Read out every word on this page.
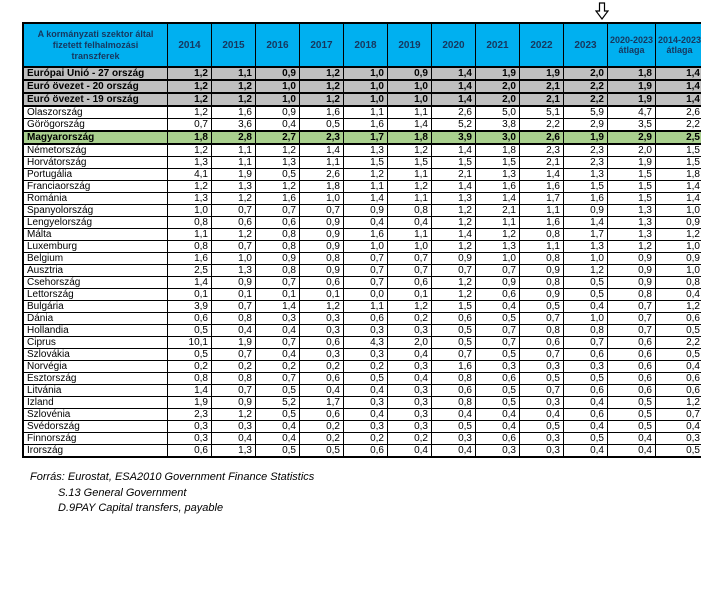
A kormányzati szektor által fizetett felhalmozási transzferek	2014	2015	2016	2017	2018	2019	2020	2021	2022	2023	2020-2023 átlaga	2014-2023 átlaga
Európai Unió - 27 ország	1,2	1,1	0,9	1,2	1,0	0,9	1,4	1,9	1,9	2,0	1,8	1,4
Euró övezet - 20 ország	1,2	1,2	1,0	1,2	1,0	1,0	1,4	2,0	2,1	2,2	1,9	1,4
Euró övezet - 19 ország	1,2	1,2	1,0	1,2	1,0	1,0	1,4	2,0	2,1	2,2	1,9	1,4
Olaszország	1,2	1,6	0,9	1,6	1,1	1,1	2,6	5,0	5,1	5,9	4,7	2,6
Görögország	0,7	3,6	0,4	0,5	1,6	1,4	5,2	3,8	2,2	2,9	3,5	2,2
Magyarország	1,8	2,8	2,7	2,3	1,7	1,8	3,9	3,0	2,6	1,9	2,9	2,5
Németország	1,2	1,1	1,2	1,4	1,3	1,2	1,4	1,8	2,3	2,3	2,0	1,5
Horvátország	1,3	1,1	1,3	1,1	1,5	1,5	1,5	1,5	2,1	2,3	1,9	1,5
Portugália	4,1	1,9	0,5	2,6	1,2	1,1	2,1	1,3	1,4	1,3	1,5	1,8
Franciaország	1,2	1,3	1,2	1,8	1,1	1,2	1,4	1,6	1,6	1,5	1,5	1,4
Románia	1,3	1,2	1,6	1,0	1,4	1,1	1,3	1,4	1,7	1,6	1,5	1,4
Spanyolország	1,0	0,7	0,7	0,7	0,9	0,8	1,2	2,1	1,1	0,9	1,3	1,0
Lengyelország	0,8	0,6	0,6	0,9	0,4	0,4	1,2	1,1	1,6	1,4	1,3	0,9
Málta	1,1	1,2	0,8	0,9	1,6	1,1	1,4	1,2	0,8	1,7	1,3	1,2
Luxemburg	0,8	0,7	0,8	0,9	1,0	1,0	1,2	1,3	1,1	1,3	1,2	1,0
Belgium	1,6	1,0	0,9	0,8	0,7	0,7	0,9	1,0	0,8	1,0	0,9	0,9
Ausztria	2,5	1,3	0,8	0,9	0,7	0,7	0,7	0,7	0,9	1,2	0,9	1,0
Csehország	1,4	0,9	0,7	0,6	0,7	0,6	1,2	0,9	0,8	0,5	0,9	0,8
Lettország	0,1	0,1	0,1	0,1	0,0	0,1	1,2	0,6	0,9	0,5	0,8	0,4
Bulgária	3,9	0,7	1,4	1,2	1,1	1,2	1,5	0,4	0,5	0,4	0,7	1,2
Dánia	0,6	0,8	0,3	0,3	0,6	0,2	0,6	0,5	0,7	1,0	0,7	0,6
Hollandia	0,5	0,4	0,4	0,3	0,3	0,3	0,5	0,7	0,8	0,8	0,7	0,5
Ciprus	10,1	1,9	0,7	0,6	4,3	2,0	0,5	0,7	0,6	0,7	0,6	2,2
Szlovákia	0,5	0,7	0,4	0,3	0,3	0,4	0,7	0,5	0,7	0,6	0,6	0,5
Norvégia	0,2	0,2	0,2	0,2	0,2	0,3	1,6	0,3	0,3	0,3	0,6	0,4
Észtország	0,8	0,8	0,7	0,6	0,5	0,4	0,8	0,6	0,5	0,5	0,6	0,6
Litvánia	1,4	0,7	0,5	0,4	0,4	0,3	0,6	0,5	0,7	0,6	0,6	0,6
Izland	1,9	0,9	5,2	1,7	0,3	0,3	0,8	0,5	0,3	0,4	0,5	1,2
Szlovénia	2,3	1,2	0,5	0,6	0,4	0,3	0,4	0,4	0,4	0,6	0,5	0,7
Svédország	0,3	0,3	0,4	0,2	0,3	0,3	0,5	0,4	0,5	0,4	0,5	0,4
Finnország	0,3	0,4	0,4	0,2	0,2	0,2	0,3	0,6	0,3	0,5	0,4	0,3
Írország	0,6	1,3	0,5	0,5	0,6	0,4	0,4	0,3	0,3	0,4	0,4	0,5
Forrás: Eurostat, ESA2010 Government Finance Statistics
S.13 General Government
D.9PAY Capital transfers, payable
